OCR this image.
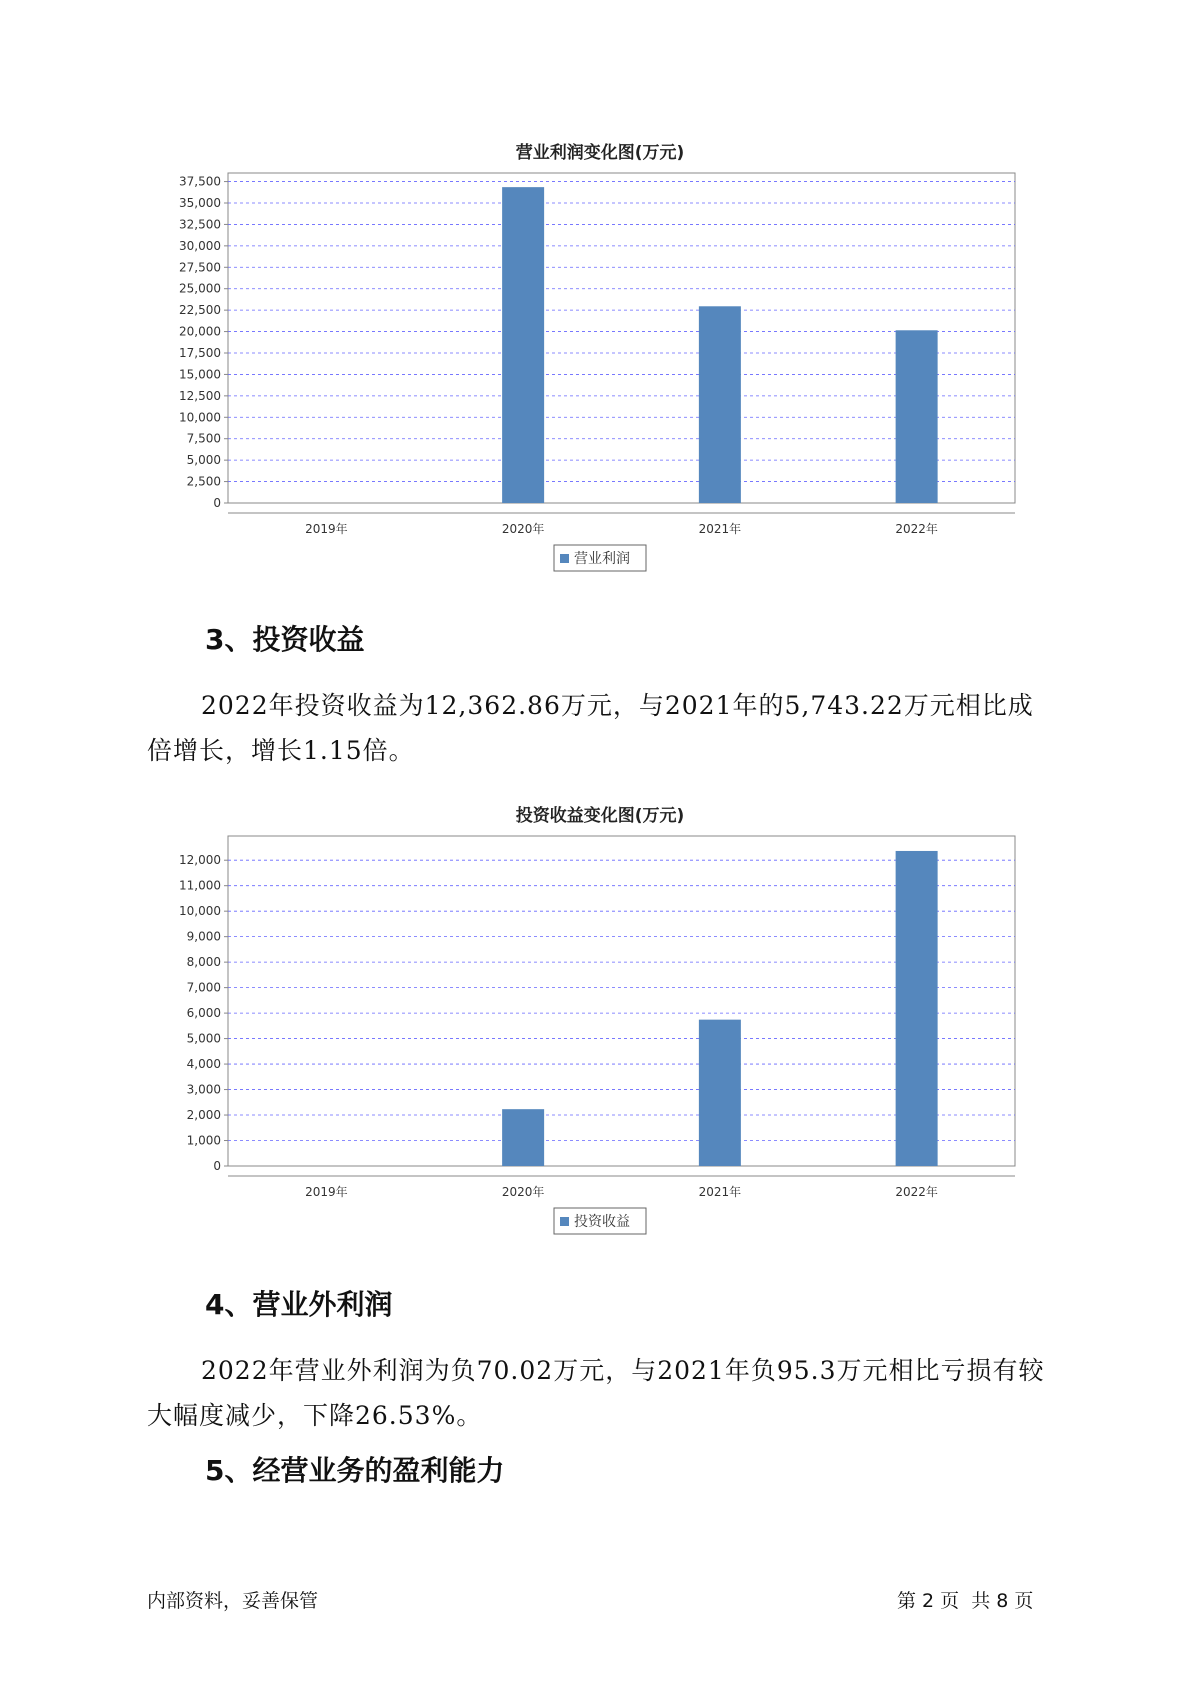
营业利润变化图(万元)
0
2,500
5,000
7,500
10,000
12,500
15,000
17,500
20,000
22,500
25,000
27,500
30,000
32,500
35,000
37,500
2019年	2020年	2021年	2022年
营业利润
3、投资收益

2022年投资收益为12,362.86万元，与2021年的5,743.22万元相比成倍增长，增长1.15倍。

投资收益变化图(万元)
0
1,000
2,000
3,000
4,000
5,000
6,000
7,000
8,000
9,000
10,000
11,000
12,000
2019年	2020年	2021年	2022年
投资收益
4、营业外利润

2022年营业外利润为负70.02万元，与2021年负95.3万元相比亏损有较大幅度减少，下降26.53%。

5、经营业务的盈利能力
内部资料，妥善保管	第 2 页  共 8 页
